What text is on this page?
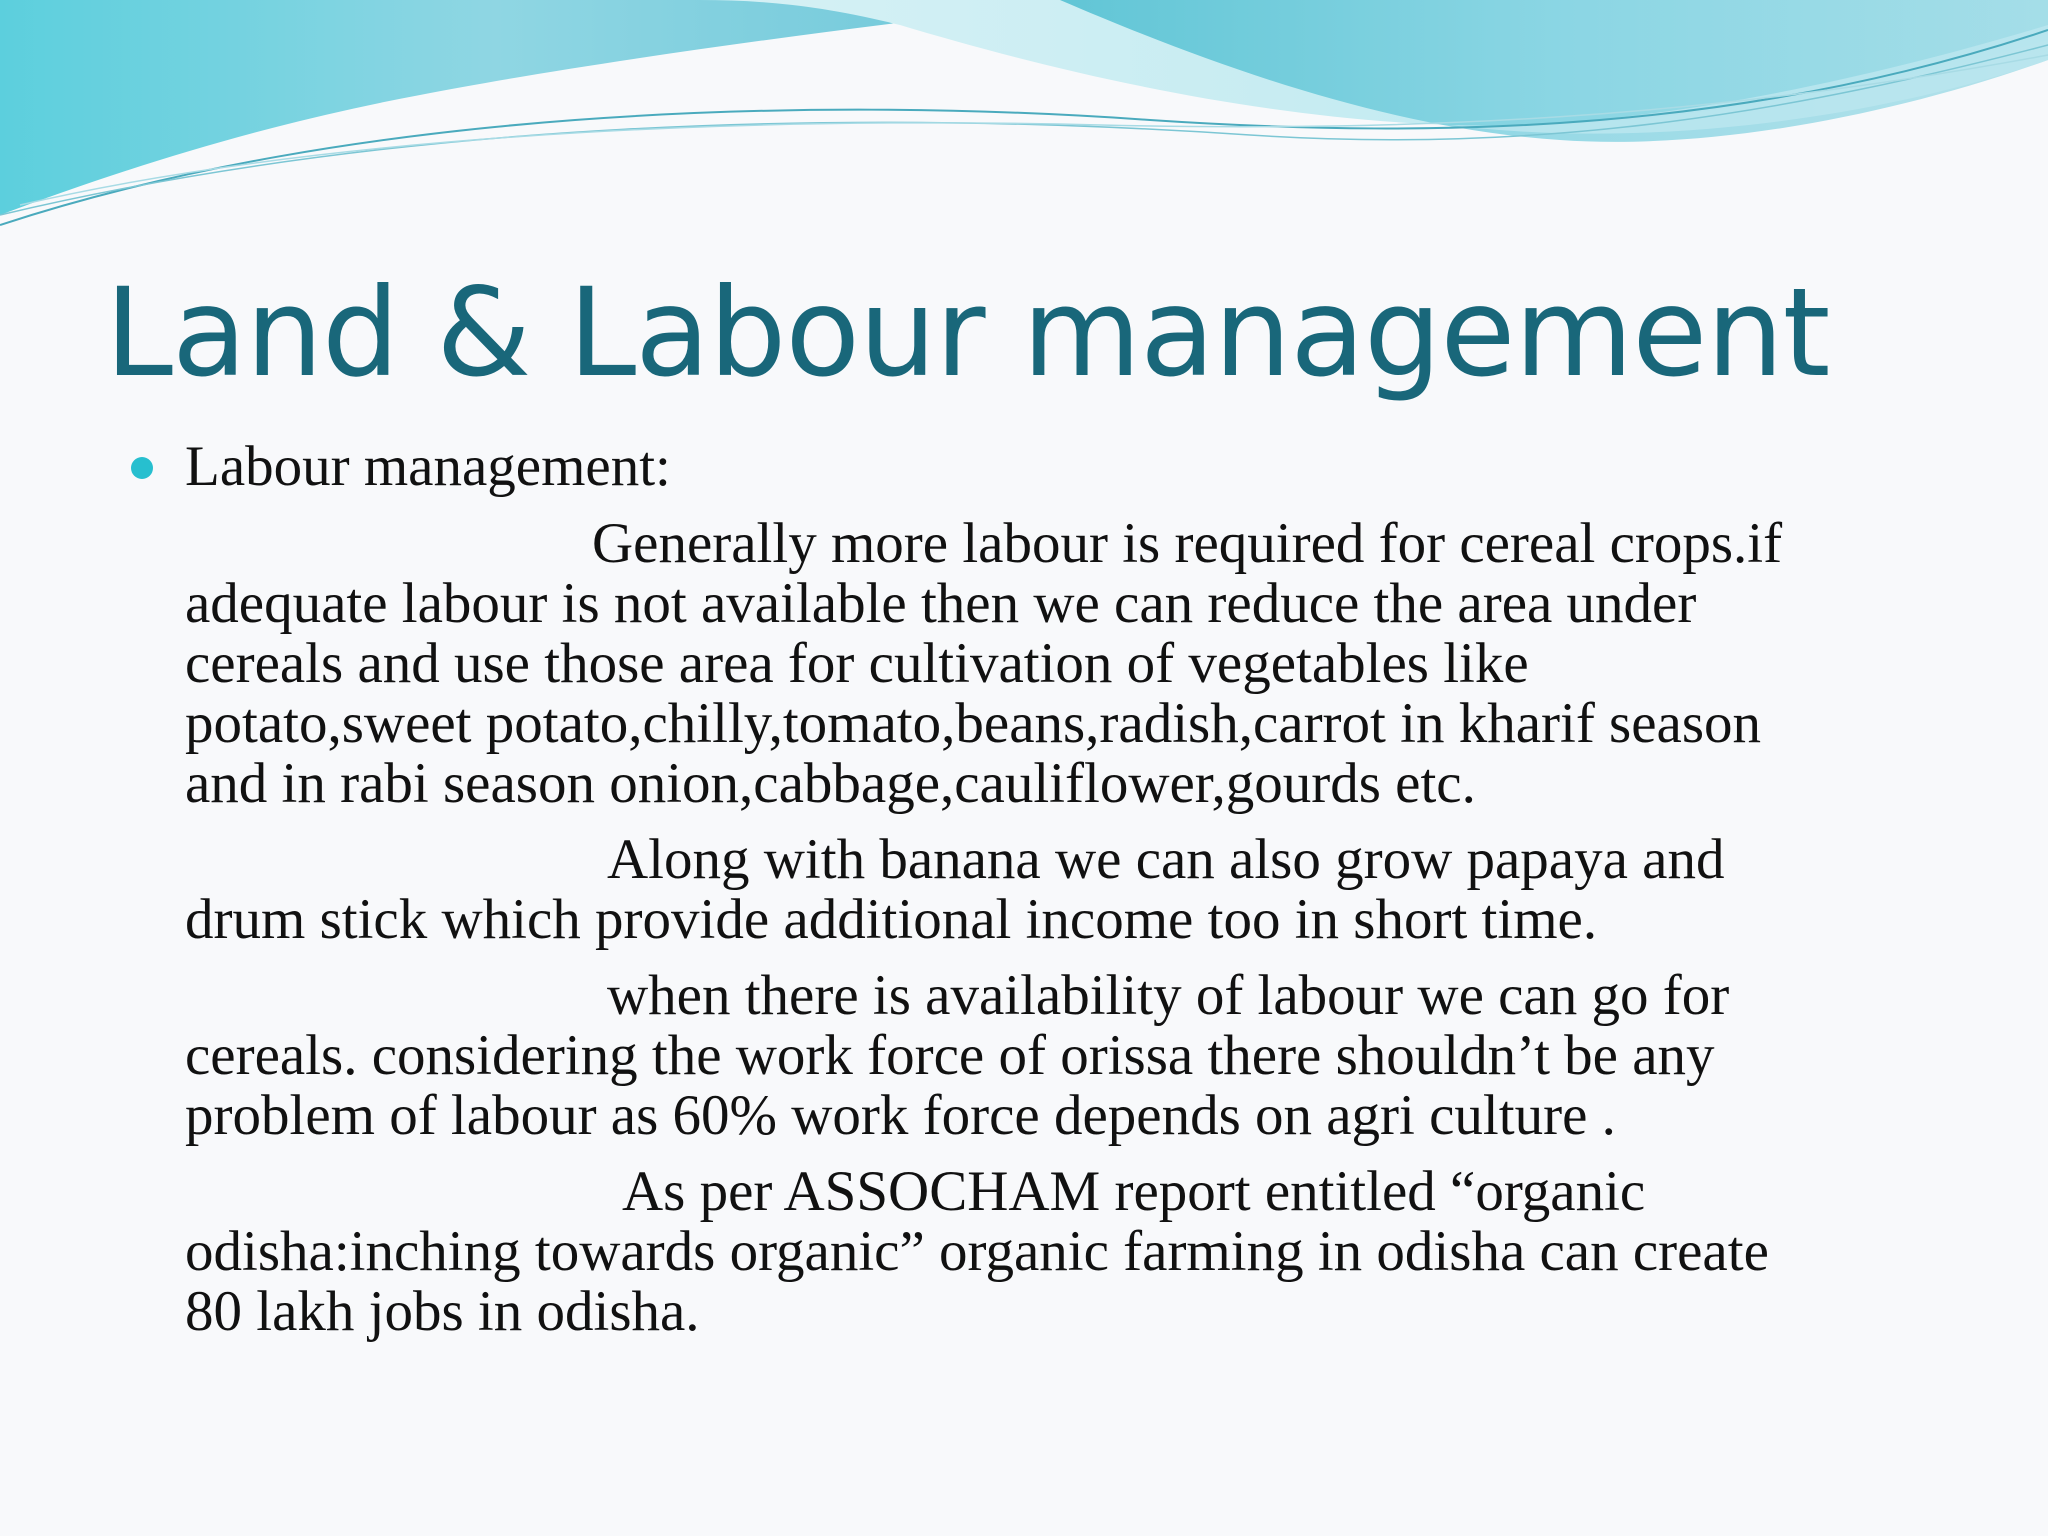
Land & Labour management

Labour management:

Generally more labour is required for cereal crops.if
adequate labour is not available then we can reduce the area under
cereals and use those area for cultivation of vegetables like
potato,sweet potato,chilly,tomato,beans,radish,carrot in kharif season
and in rabi season onion,cabbage,cauliflower,gourds etc.

Along with banana we can also grow papaya and
drum stick which provide additional income too in short time.

when there is availability of labour we can go for
cereals. considering the work force of orissa there shouldn’t be any
problem of labour as 60% work force depends on agri culture .

As per ASSOCHAM report entitled “organic
odisha:inching towards organic” organic farming in odisha can create
80 lakh jobs in odisha.
